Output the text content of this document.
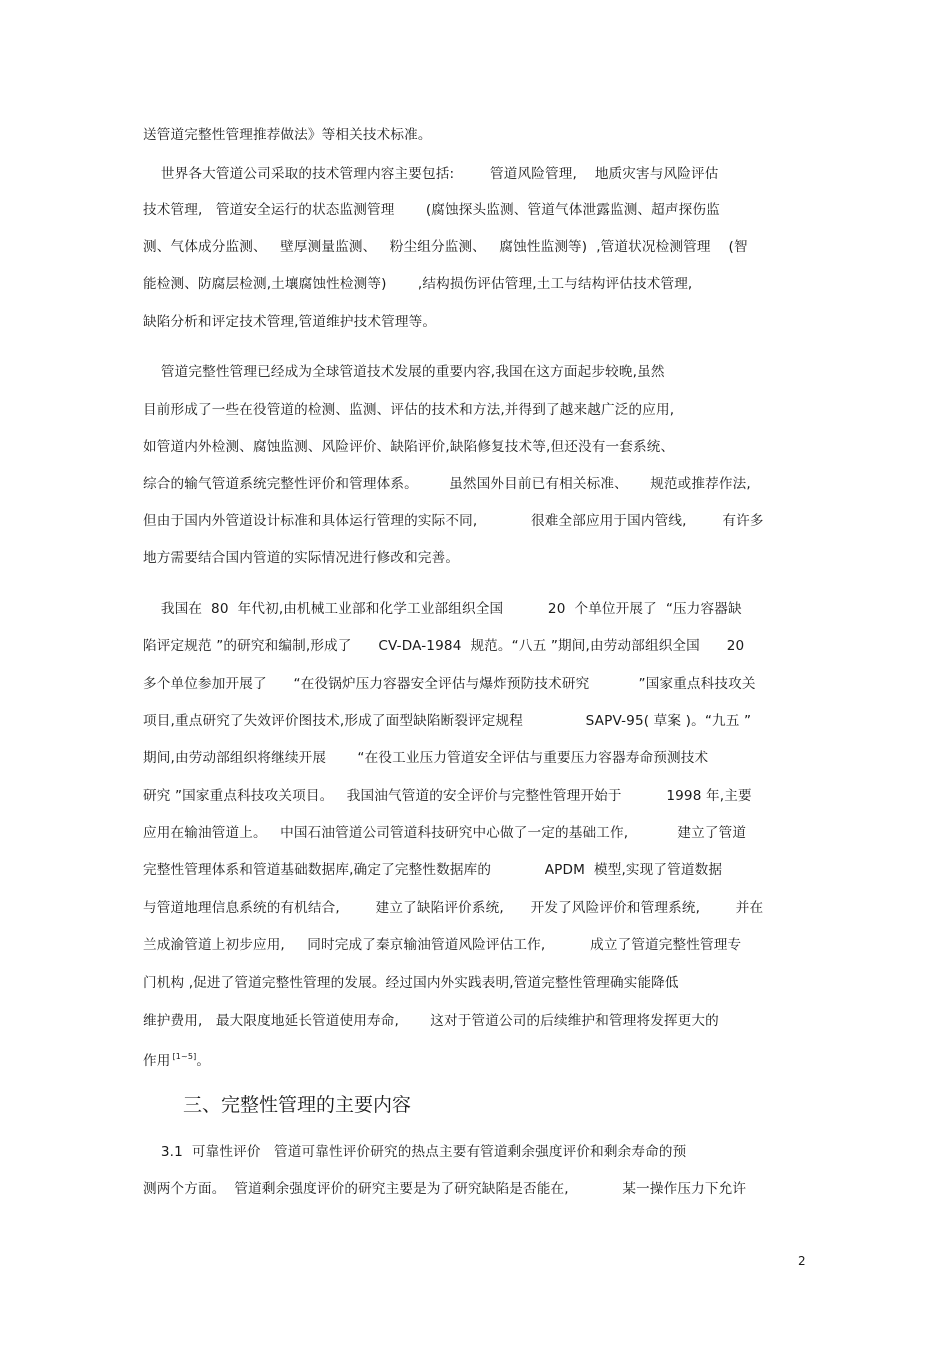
送管道完整性管理推荐做法》等相关技术标准。
世界各大管道公司采取的技术管理内容主要包括:        管道风险管理,    地质灾害与风险评估
技术管理,   管道安全运行的状态监测管理       (腐蚀探头监测、管道气体泄露监测、超声探伤监
测、气体成分监测、   壁厚测量监测、   粉尘组分监测、   腐蚀性监测等)  ,管道状况检测管理    (智
能检测、防腐层检测,土壤腐蚀性检测等)       ,结构损伤评估管理,土工与结构评估技术管理,
缺陷分析和评定技术管理,管道维护技术管理等。
管道完整性管理已经成为全球管道技术发展的重要内容,我国在这方面起步较晚,虽然
目前形成了一些在役管道的检测、监测、评估的技术和方法,并得到了越来越广泛的应用,
如管道内外检测、腐蚀监测、风险评价、缺陷评价,缺陷修复技术等,但还没有一套系统、
综合的输气管道系统完整性评价和管理体系。       虽然国外目前已有相关标准、     规范或推荐作法,
但由于国内外管道设计标准和具体运行管理的实际不同,            很难全部应用于国内管线,        有许多
地方需要结合国内管道的实际情况进行修改和完善。
我国在  80  年代初,由机械工业部和化学工业部组织全国          20  个单位开展了  “压力容器缺
陷评定规范 ”的研究和编制,形成了      CV-DA-1984  规范。“八五 ”期间,由劳动部组织全国      20
多个单位参加开展了      “在役锅炉压力容器安全评估与爆炸预防技术研究           ”国家重点科技攻关
项目,重点研究了失效评价图技术,形成了面型缺陷断裂评定规程              SAPV-95( 草案 )。“九五 ”
期间,由劳动部组织将继续开展       “在役工业压力管道安全评估与重要压力容器寿命预测技术
研究 ”国家重点科技攻关项目。   我国油气管道的安全评价与完整性管理开始于          1998 年,主要
应用在输油管道上。   中国石油管道公司管道科技研究中心做了一定的基础工作,           建立了管道
完整性管理体系和管道基础数据库,确定了完整性数据库的            APDM  模型,实现了管道数据
与管道地理信息系统的有机结合,        建立了缺陷评价系统,      开发了风险评价和管理系统,        并在
兰成渝管道上初步应用,     同时完成了秦京输油管道风险评估工作,          成立了管道完整性管理专
门机构 ,促进了管道完整性管理的发展。经过国内外实践表明,管道完整性管理确实能降低
维护费用,   最大限度地延长管道使用寿命,       这对于管道公司的后续维护和管理将发挥更大的
作用 [1~5]。
三、完整性管理的主要内容
3.1  可靠性评价   管道可靠性评价研究的热点主要有管道剩余强度评价和剩余寿命的预
测两个方面。  管道剩余强度评价的研究主要是为了研究缺陷是否能在,            某一操作压力下允许
2
